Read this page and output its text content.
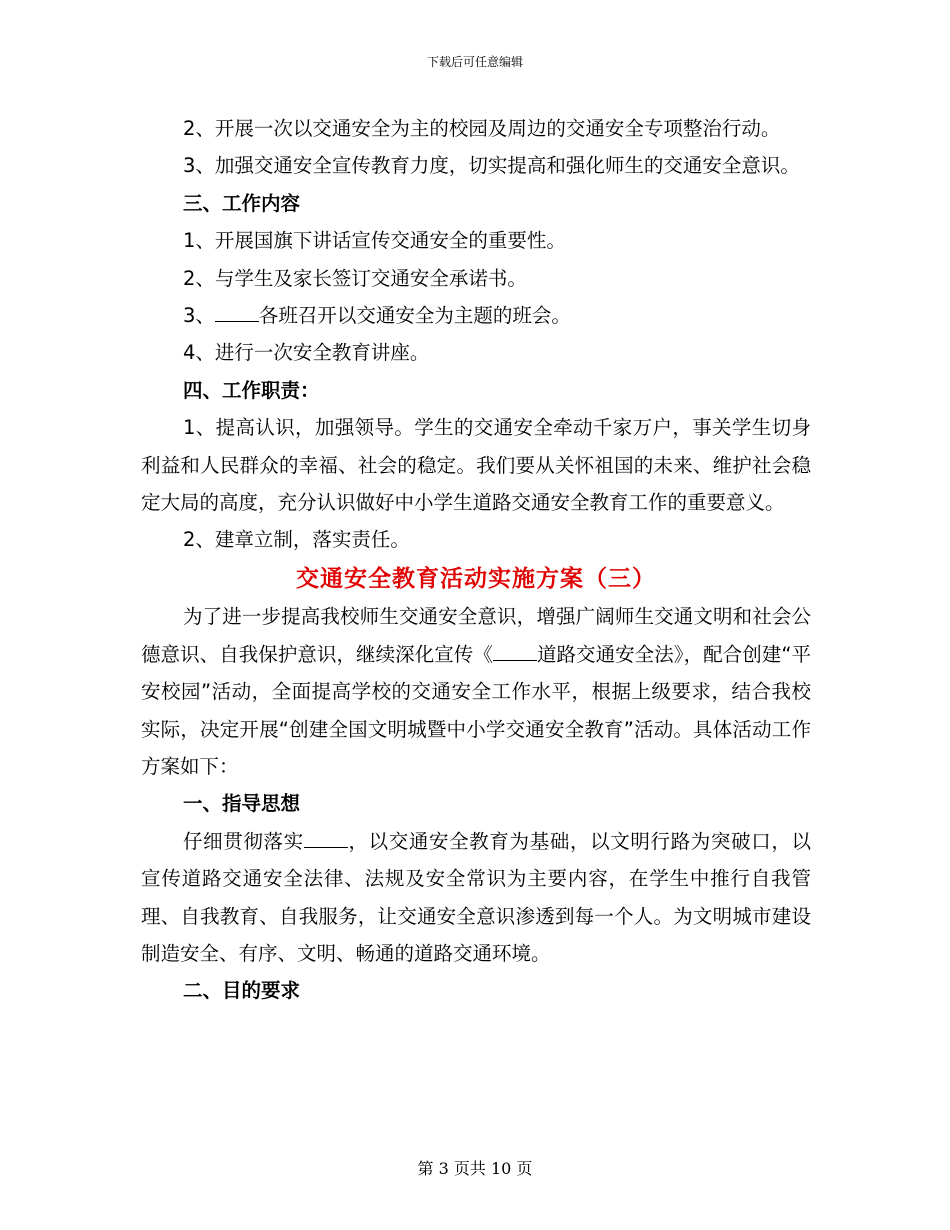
下载后可任意编辑

2、开展一次以交通安全为主的校园及周边的交通安全专项整治行动。

3、加强交通安全宣传教育力度，切实提高和强化师生的交通安全意识。

三、工作内容

1、开展国旗下讲话宣传交通安全的重要性。

2、与学生及家长签订交通安全承诺书。

3、 各班召开以交通安全为主题的班会。

4、进行一次安全教育讲座。

四、工作职责：

1、提高认识，加强领导。学生的交通安全牵动千家万户，事关学生切身利益和人民群众的幸福、社会的稳定。我们要从关怀祖国的未来、维护社会稳定大局的高度，充分认识做好中小学生道路交通安全教育工作的重要意义。

2、建章立制，落实责任。

交通安全教育活动实施方案（三）

为了进一步提高我校师生交通安全意识，增强广阔师生交通文明和社会公德意识、自我保护意识，继续深化宣传《 道路交通安全法》，配合创建“平安校园”活动，全面提高学校的交通安全工作水平，根据上级要求，结合我校实际，决定开展“创建全国文明城暨中小学交通安全教育”活动。具体活动工作方案如下：

一、指导思想

仔细贯彻落实 ，以交通安全教育为基础，以文明行路为突破口，以宣传道路交通安全法律、法规及安全常识为主要内容，在学生中推行自我管理、自我教育、自我服务，让交通安全意识渗透到每一个人。为文明城市建设制造安全、有序、文明、畅通的道路交通环境。

二、目的要求

第 3 页共 10 页
